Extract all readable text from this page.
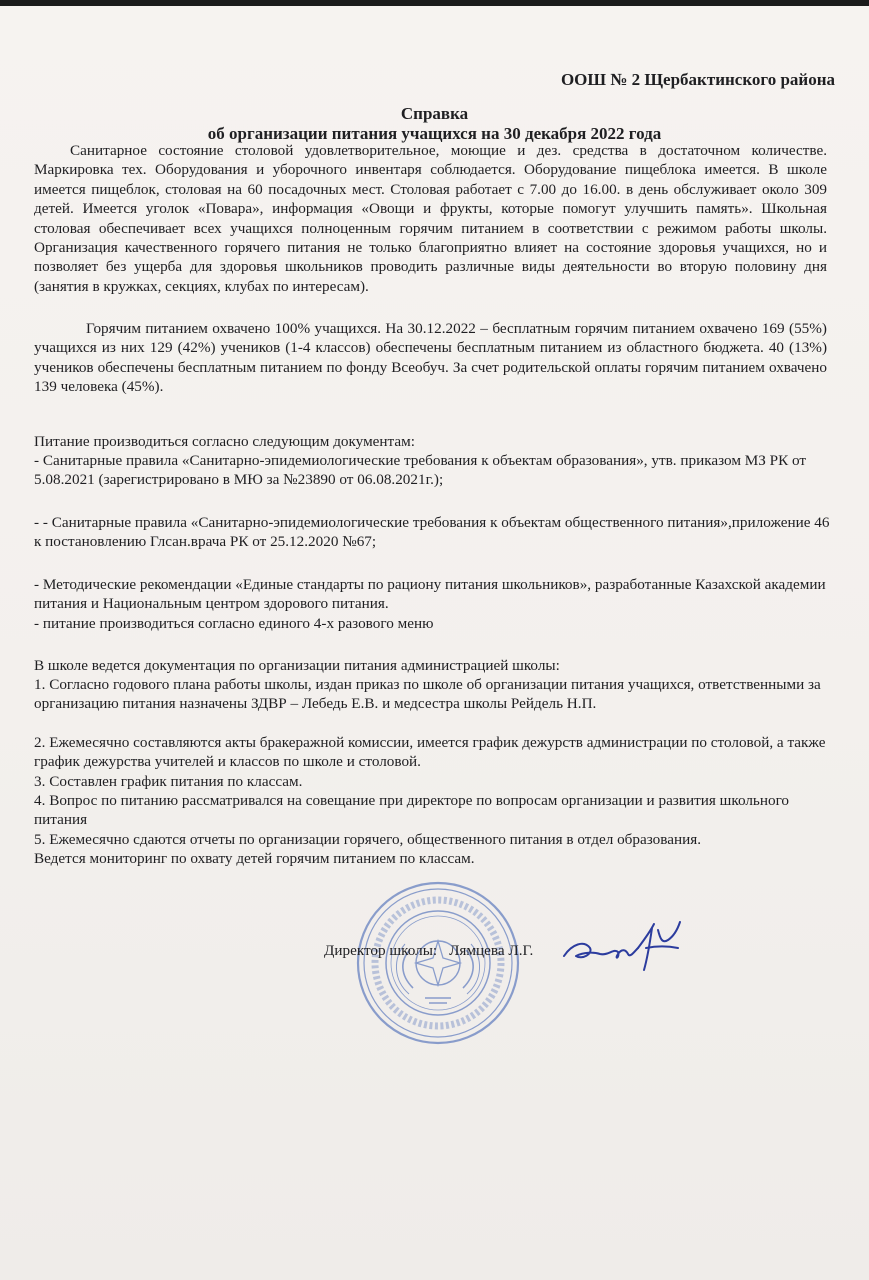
ООШ № 2 Щербактинского района

Справка
об организации питания учащихся на 30 декабря 2022 года

Санитарное состояние столовой удовлетворительное, моющие и дез. средства в достаточном количестве. Маркировка тех. Оборудования и уборочного инвентаря соблюдается. Оборудование пищеблока имеется. В школе имеется пищеблок, столовая на 60 посадочных мест. Столовая работает с 7.00 до 16.00. в день обслуживает около 309 детей. Имеется уголок «Повара», информация «Овощи и фрукты, которые помогут улучшить память». Школьная столовая обеспечивает всех учащихся полноценным горячим питанием в соответствии с режимом работы школы. Организация качественного горячего питания не только благоприятно влияет на состояние здоровья учащихся, но и позволяет без ущерба для здоровья школьников проводить различные виды деятельности во вторую половину дня (занятия в кружках, секциях, клубах по интересам).

Горячим питанием охвачено 100% учащихся. На 30.12.2022 – бесплатным горячим питанием охвачено 169 (55%) учащихся из них 129 (42%) учеников (1-4 классов) обеспечены бесплатным питанием из областного бюджета. 40 (13%) учеников обеспечены бесплатным питанием по фонду Всеобуч. За счет родительской оплаты горячим питанием охвачено 139 человека (45%).

Питание производиться согласно следующим документам:

- Санитарные правила «Санитарно-эпидемиологические требования к объектам образования», утв. приказом МЗ РК от 5.08.2021 (зарегистрировано в МЮ за №23890 от 06.08.2021г.);

- - Санитарные правила «Санитарно-эпидемиологические требования к объектам общественного питания»,приложение 46 к постановлению Глсан.врача РК от 25.12.2020 №67;

- Методические рекомендации «Единые стандарты по рациону питания школьников», разработанные Казахской академии питания и Национальным центром здорового питания.

- питание производиться согласно единого 4-х разового меню

В школе ведется документация по организации питания администрацией школы:

1. Согласно годового плана работы школы, издан приказ по школе об организации питания учащихся, ответственными за организацию питания назначены ЗДВР – Лебедь Е.В. и медсестра школы Рейдель Н.П.

2. Ежемесячно составляются акты бракеражной комиссии, имеется график дежурств администрации по столовой, а также график дежурства учителей и классов по школе и столовой.

3. Составлен график питания по классам.

4. Вопрос по питанию рассматривался на совещание при директоре по вопросам организации и развития школьного питания

5. Ежемесячно сдаются отчеты по организации горячего, общественного питания в отдел образования.

Ведется мониторинг по охвату детей горячим питанием по классам.

Директор школы: Лямцева Л.Г.
